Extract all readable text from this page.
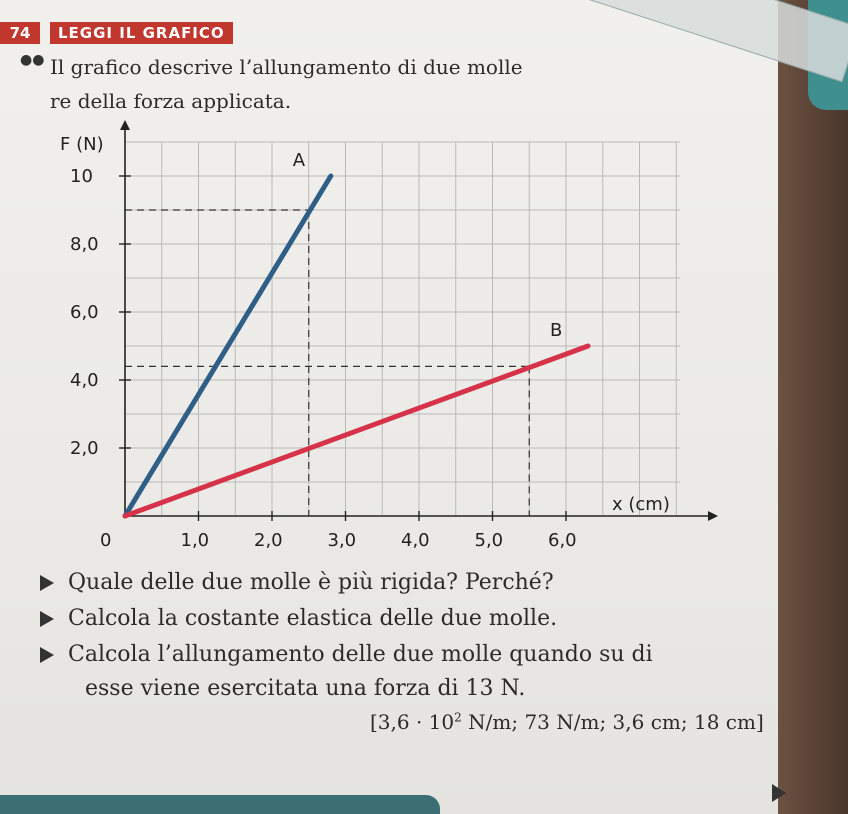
74	LEGGI IL GRAFICO
●● Il grafico descrive l’allungamento di due molle
re della forza applicata.
0	1,0 2,0 3,0 4,0 5,0 6,0
2,0
4,0
6,0
8,0
10
x (cm)
F (N)
A
B
Quale delle due molle è più rigida? Perché?
Calcola la costante elastica delle due molle.
Calcola l’allungamento delle due molle quando su di
esse viene esercitata una forza di 13 N.
[$3,6 \cdot 10^2$ N/m; 73 N/m; 3,6 cm; 18 cm]
